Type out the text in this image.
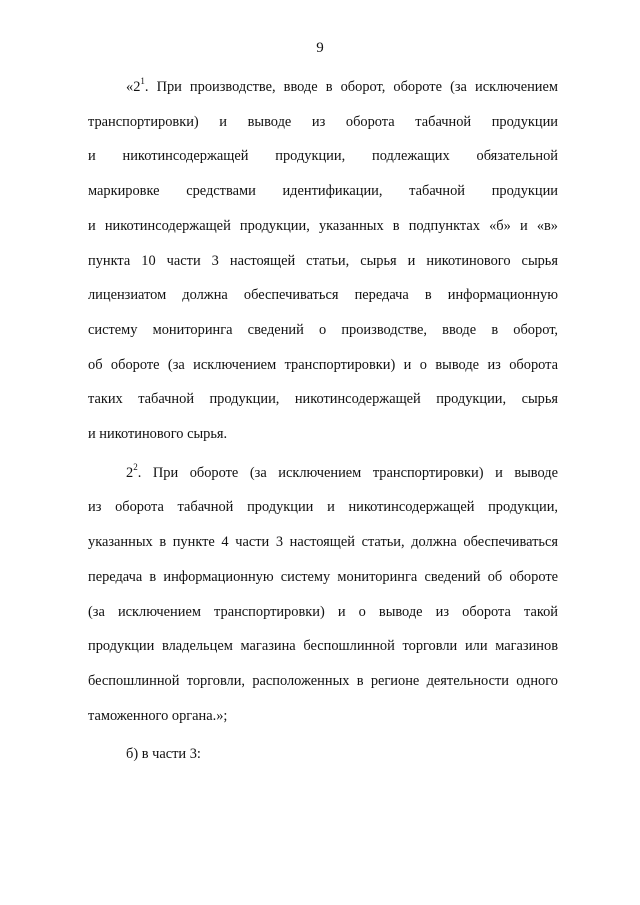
9

«$2^1$. При производстве, вводе в оборот, обороте (за исключением
транспортировки) и выводе из оборота табачной продукции
и никотинсодержащей продукции, подлежащих обязательной
маркировке средствами идентификации, табачной продукции
и никотинсодержащей продукции, указанных в подпунктах «б» и «в»
пункта 10 части 3 настоящей статьи, сырья и никотинового сырья
лицензиатом должна обеспечиваться передача в информационную
систему мониторинга сведений о производстве, вводе в оборот,
об обороте (за исключением транспортировки) и о выводе из оборота
таких табачной продукции, никотинсодержащей продукции, сырья
и никотинового сырья.

$2^2$. При обороте (за исключением транспортировки) и выводе
из оборота табачной продукции и никотинсодержащей продукции,
указанных в пункте 4 части 3 настоящей статьи, должна обеспечиваться
передача в информационную систему мониторинга сведений об обороте
(за исключением транспортировки) и о выводе из оборота такой
продукции владельцем магазина беспошлинной торговли или магазинов
беспошлинной торговли, расположенных в регионе деятельности одного
таможенного органа.»;

б) в части 3:
